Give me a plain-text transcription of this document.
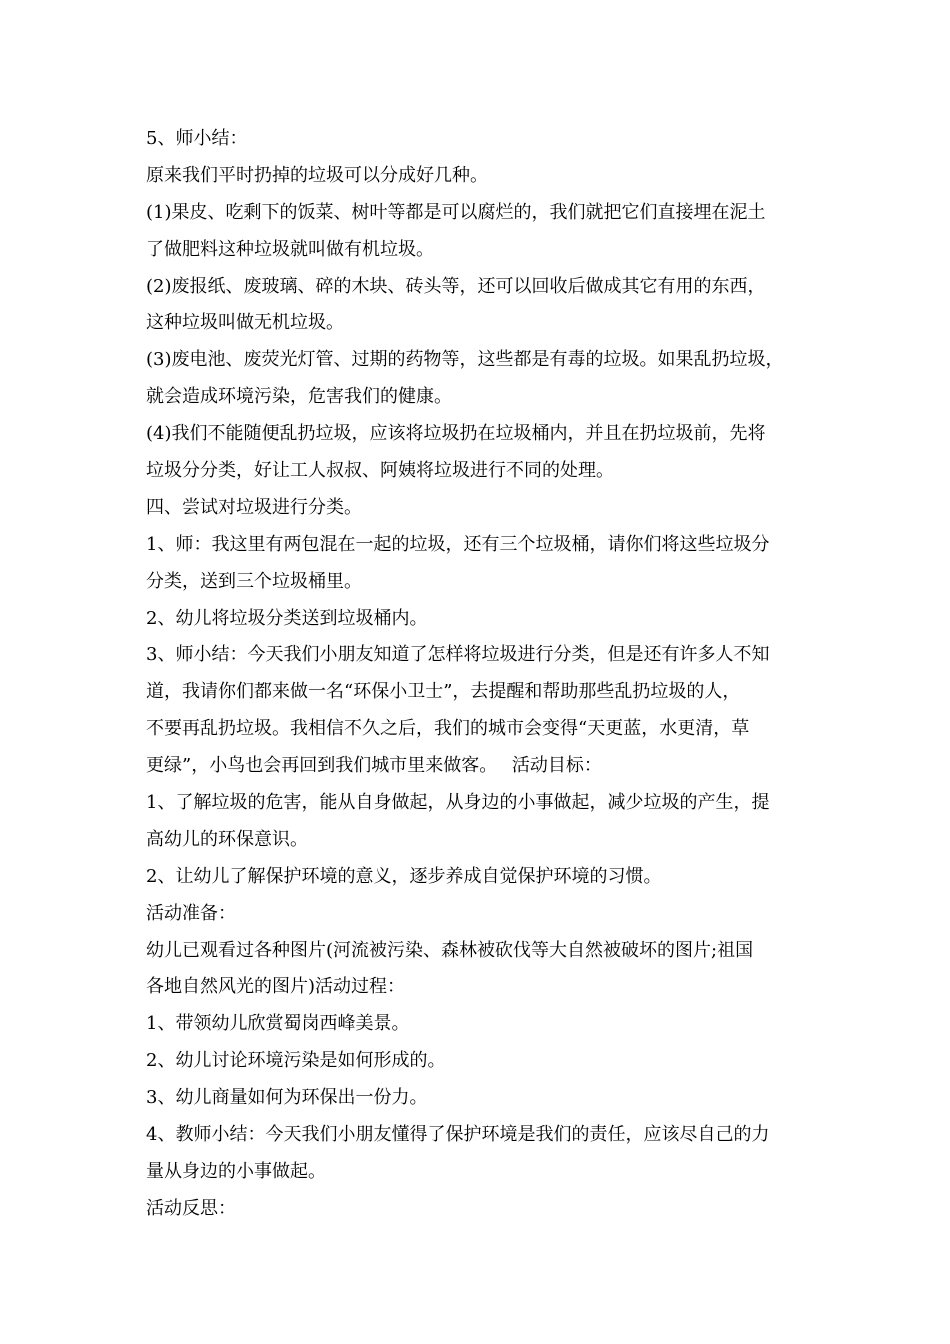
5、师小结：
原来我们平时扔掉的垃圾可以分成好几种。
(1)果皮、吃剩下的饭菜、树叶等都是可以腐烂的，我们就把它们直接埋在泥土
了做肥料这种垃圾就叫做有机垃圾。
(2)废报纸、废玻璃、碎的木块、砖头等，还可以回收后做成其它有用的东西，
这种垃圾叫做无机垃圾。
(3)废电池、废荧光灯管、过期的药物等，这些都是有毒的垃圾。如果乱扔垃圾，
就会造成环境污染，危害我们的健康。
(4)我们不能随便乱扔垃圾，应该将垃圾扔在垃圾桶内，并且在扔垃圾前，先将
垃圾分分类，好让工人叔叔、阿姨将垃圾进行不同的处理。
四、尝试对垃圾进行分类。
1、师：我这里有两包混在一起的垃圾，还有三个垃圾桶，请你们将这些垃圾分
分类，送到三个垃圾桶里。
2、幼儿将垃圾分类送到垃圾桶内。
3、师小结：今天我们小朋友知道了怎样将垃圾进行分类，但是还有许多人不知
道，我请你们都来做一名“环保小卫士”，去提醒和帮助那些乱扔垃圾的人，
不要再乱扔垃圾。我相信不久之后，我们的城市会变得“天更蓝，水更清，草
更绿”，小鸟也会再回到我们城市里来做客。　 活动目标：
1、了解垃圾的危害，能从自身做起，从身边的小事做起，减少垃圾的产生，提
高幼儿的环保意识。
2、让幼儿了解保护环境的意义，逐步养成自觉保护环境的习惯。
活动准备：
幼儿已观看过各种图片(河流被污染、森林被砍伐等大自然被破坏的图片;祖国
各地自然风光的图片)活动过程：
1、带领幼儿欣赏蜀岗西峰美景。
2、幼儿讨论环境污染是如何形成的。
3、幼儿商量如何为环保出一份力。
4、教师小结：今天我们小朋友懂得了保护环境是我们的责任，应该尽自己的力
量从身边的小事做起。
活动反思：
